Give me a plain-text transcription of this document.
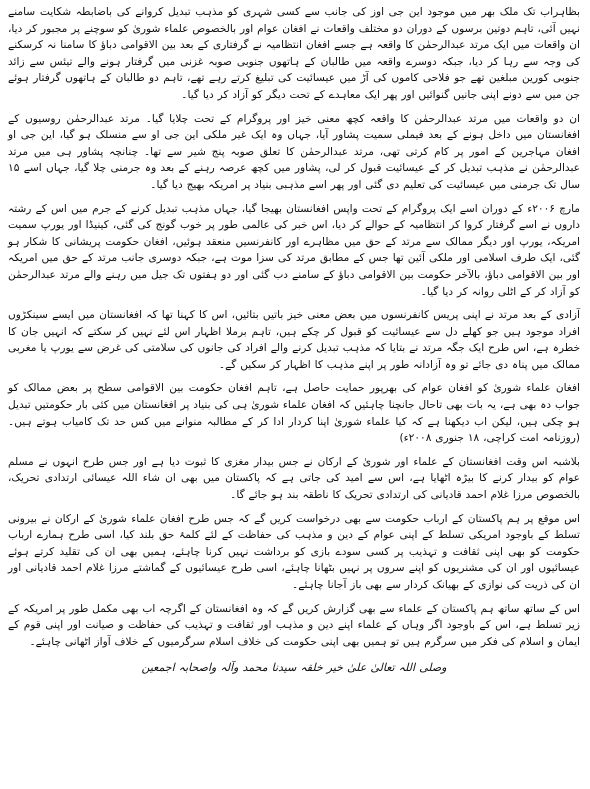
بظاہراب تک ملک بھر میں موجود این جی اوز کی جانب سے کسی شہری کو مذہب تبدیل کروانے کی باضابطہ شکایت سامنے نہیں آئی، تاہم دوتین برسوں کے دوران دو مختلف واقعات نے افغان عوام اور بالخصوص علماء شوریٰ کو سوچنے پر مجبور کر دیا، ان واقعات میں ایک مرتد عبدالرحمٰن کا واقعہ ہے جسے افغان انتظامیہ نے گرفتاری کے بعد بین الاقوامی دباؤ کا سامنا نہ کرسکنے کی وجہ سے رہا کر دیا، جبکہ دوسرے واقعہ میں طالبان کے ہاتھوں جنوبی صوبہ غزنی میں گرفتار ہونے والے تیئس سے زائد جنوبی کورین مبلغین تھے جو فلاحی کاموں کی آڑ میں عیسائیت کی تبلیغ کرتے رہے تھے، تاہم دو طالبان کے ہاتھوں گرفتار ہوئے جن میں سے دونے اپنی جانیں گنوائیں اور پھر ایک معاہدے کے تحت دیگر کو آزاد کر دیا گیا۔

ان دو واقعات میں مرتد عبدالرحمٰن کا واقعہ کچھ معنی خیز اور پروگرام کے تحت چلایا گیا۔ مرتد عبدالرحمٰن روسیوں کے افغانستان میں داخل ہونے کے بعد فیملی سمیت پشاور آیا، جہاں وہ ایک غیر ملکی این جی او سے منسلک ہو گیا، این جی او افغان مہاجرین کے امور پر کام کرتی تھی، مرتد عبدالرحمٰن کا تعلق صوبہ پنج شیر سے تھا۔ چنانچہ پشاور ہی میں مرتد عبدالرحمٰن نے مذہب تبدیل کر کے عیسائیت قبول کر لی، پشاور میں کچھ عرصہ رہنے کے بعد وہ جرمنی چلا گیا، جہاں اسے ۱۵ سال تک جرمنی میں عیسائیت کی تعلیم دی گئی اور پھر اسے مذہبی بنیاد پر امریکہ بھیج دیا گیا۔

مارچ ۲۰۰۶ء کے دوران اسے ایک پروگرام کے تحت واپس افغانستان بھیجا گیا، جہاں مذہب تبدیل کرنے کے جرم میں اس کے رشتہ داروں نے اسے گرفتار کروا کر انتظامیہ کے حوالے کر دیا، اس خبر کی عالمی طور پر خوب گونج کی گئی، کینیڈا اور یورپ سمیت امریکہ، یورپ اور دیگر ممالک سے مرتد کے حق میں مظاہرے اور کانفرنسیں منعقد ہوئیں، افغان حکومت پریشانی کا شکار ہو گئی، ایک طرف اسلامی اور ملکی آئین تھا جس کے مطابق مرتد کی سزا موت ہے، جبکہ دوسری جانب مرتد کے حق میں امریکہ اور بین الاقوامی دباؤ، بالآخر حکومت بین الاقوامی دباؤ کے سامنے دب گئی اور دو ہفتوں تک جیل میں رہنے والے مرتد عبدالرحمٰن کو آزاد کر کے اٹلی روانہ کر دیا گیا۔

آزادی کے بعد مرتد نے اپنی پریس کانفرنسوں میں بعض معنی خیز باتیں بتائیں، اس کا کہنا تھا کہ افغانستان میں ایسے سینکڑوں افراد موجود ہیں جو کھلے دل سے عیسائیت کو قبول کر چکے ہیں، تاہم برملا اظہار اس لئے نہیں کر سکتے کہ انہیں جان کا خطرہ ہے، اس طرح ایک جگہ مرتد نے بتایا کہ مذہب تبدیل کرنے والے افراد کی جانوں کی سلامتی کی غرض سے یورپ یا مغربی ممالک میں پناہ دی جائے تو وہ آزادانہ طور پر اپنے مذہب کا اظہار کر سکیں گے۔

افغان علماء شوریٰ کو افغان عوام کی بھرپور حمایت حاصل ہے، تاہم افغان حکومت بین الاقوامی سطح پر بعض ممالک کو جواب دہ بھی ہے، یہ بات بھی تاحال جانچنا چاہئیں کہ افغان علماء شوریٰ ہی کی بنیاد پر افغانستان میں کئی بار حکومتیں تبدیل ہو چکی ہیں، لیکن اب دیکھنا ہے کہ کیا علماء شوریٰ اپنا کردار ادا کر کے مطالبہ منوانے میں کس حد تک کامیاب ہوتے ہیں۔ (روزنامہ امت کراچی، ۱۸ جنوری ۲۰۰۸ء)

بلاشبہ اس وقت افغانستان کے علماء اور شوریٰ کے ارکان نے جس بیدار مغزی کا ثبوت دیا ہے اور جس طرح انہوں نے مسلم عوام کو بیدار کرنے کا بیڑہ اٹھایا ہے، اس سے امید کی جاتی ہے کہ پاکستان میں بھی ان شاء اللہ عیسائی ارتدادی تحریک، بالخصوص مرزا غلام احمد قادیانی کی ارتدادی تحریک کا ناطقہ بند ہو جائے گا۔

اس موقع پر ہم پاکستان کے ارباب حکومت سے بھی درخواست کریں گے کہ جس طرح افغان علماء شوریٰ کے ارکان نے بیرونی تسلط کے باوجود امریکی تسلط کے اپنی عوام کے دین و مذہب کی حفاظت کے لئے کلمۂ حق بلند کیا، اسی طرح ہمارے ارباب حکومت کو بھی اپنی ثقافت و تہذیب پر کسی سودے بازی کو برداشت نہیں کرنا چاہئے، ہمیں بھی ان کی تقلید کرتے ہوئے عیسائیوں اور ان کی مشنریوں کو اپنے سروں پر نہیں بٹھانا چاہئے، اسی طرح عیسائیوں کے گماشتے مرزا غلام احمد قادیانی اور ان کی ذریت کی نوازی کے بھیانک کردار سے بھی باز آجانا چاہئے۔

اس کے ساتھ ساتھ ہم پاکستان کے علماء سے بھی گزارش کریں گے کہ وہ افغانستان کے اگرچہ اب بھی مکمل طور پر امریکہ کے زیر تسلط ہے، اس کے باوجود اگر وہاں کے علماء اپنے دین و مذہب اور ثقافت و تہذیب کی حفاظت و صیانت اور اپنی قوم کے ایمان و اسلام کی فکر میں سرگرم ہیں تو ہمیں بھی اپنی حکومت کی خلاف اسلام سرگرمیوں کے خلاف آواز اٹھانی چاہئے۔

وصلی اللہ تعالیٰ علیٰ خیر خلقہ سیدنا محمد وآلہ واصحابہ اجمعین
